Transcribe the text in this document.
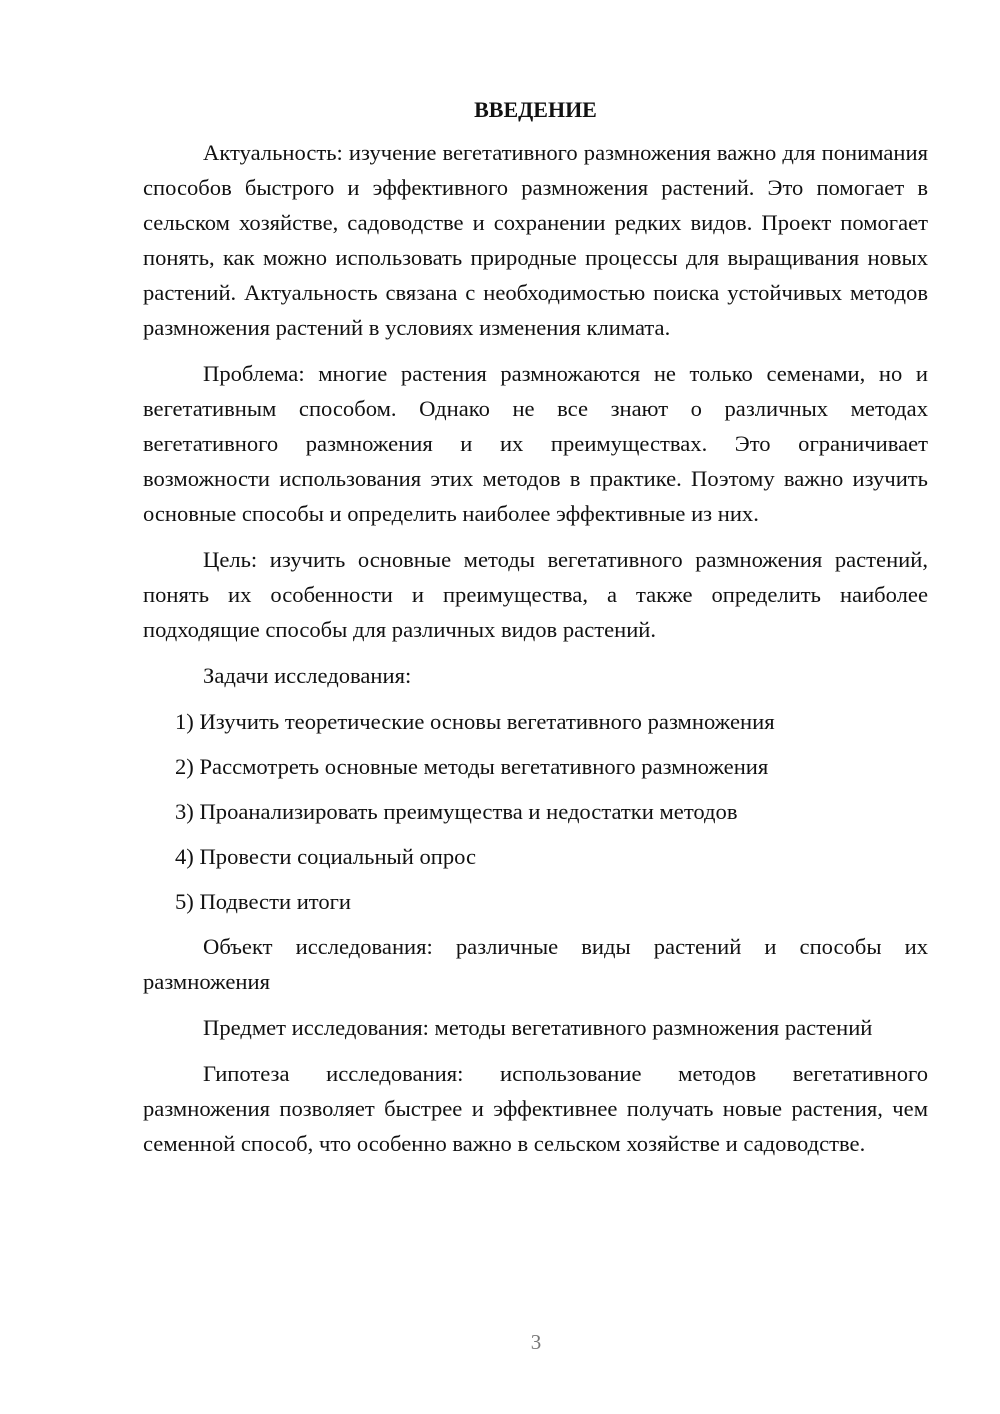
ВВЕДЕНИЕ

Актуальность: изучение вегетативного размножения важно для понимания способов быстрого и эффективного размножения растений. Это помогает в сельском хозяйстве, садоводстве и сохранении редких видов. Проект помогает понять, как можно использовать природные процессы для выращивания новых растений. Актуальность связана с необходимостью поиска устойчивых методов размножения растений в условиях изменения климата.

Проблема: многие растения размножаются не только семенами, но и вегетативным способом. Однако не все знают о различных методах вегетативного размножения и их преимуществах. Это ограничивает возможности использования этих методов в практике. Поэтому важно изучить основные способы и определить наиболее эффективные из них.

Цель: изучить основные методы вегетативного размножения растений, понять их особенности и преимущества, а также определить наиболее подходящие способы для различных видов растений.

Задачи исследования:

1) Изучить теоретические основы вегетативного размножения
2) Рассмотреть основные методы вегетативного размножения
3) Проанализировать преимущества и недостатки методов
4) Провести социальный опрос
5) Подвести итоги

Объект исследования: различные виды растений и способы их размножения

Предмет исследования: методы вегетативного размножения растений

Гипотеза исследования: использование методов вегетативного размножения позволяет быстрее и эффективнее получать новые растения, чем семенной способ, что особенно важно в сельском хозяйстве и садоводстве.

3
